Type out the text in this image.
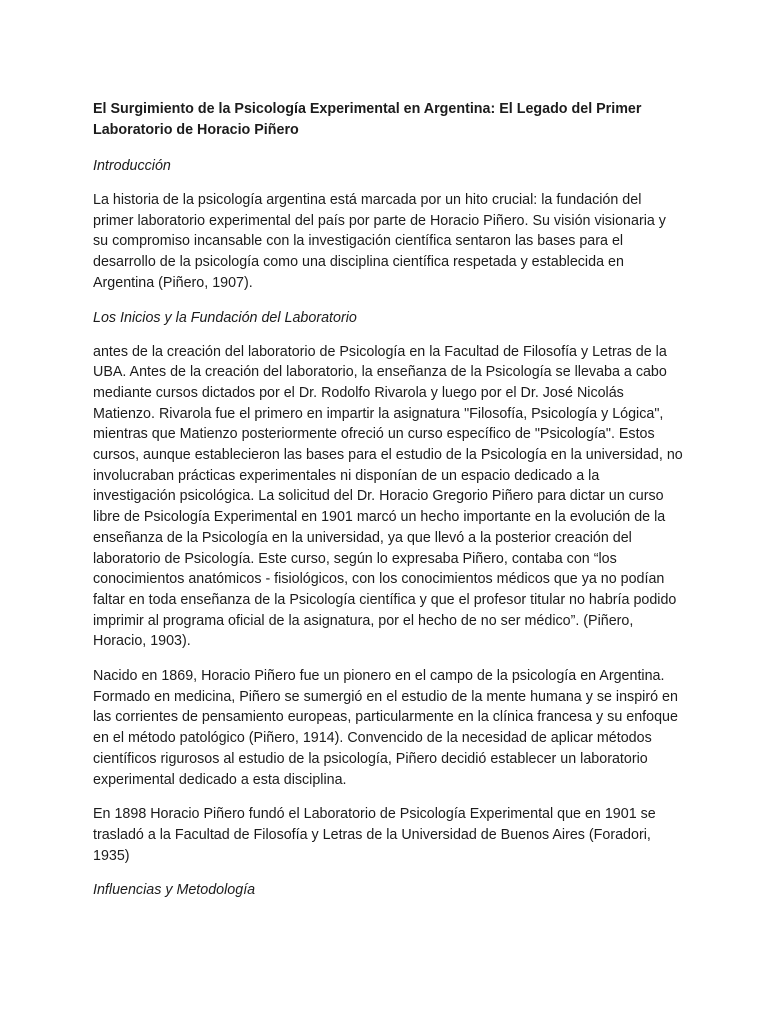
El Surgimiento de la Psicología Experimental en Argentina: El Legado del Primer Laboratorio de Horacio Piñero
Introducción

La historia de la psicología argentina está marcada por un hito crucial: la fundación del primer laboratorio experimental del país por parte de Horacio Piñero. Su visión visionaria y su compromiso incansable con la investigación científica sentaron las bases para el desarrollo de la psicología como una disciplina científica respetada y establecida en Argentina (Piñero, 1907).

Los Inicios y la Fundación del Laboratorio

antes de la creación del laboratorio de Psicología en la Facultad de Filosofía y Letras de la UBA. Antes de la creación del laboratorio, la enseñanza de la Psicología se llevaba a cabo mediante cursos dictados por el Dr. Rodolfo Rivarola y luego por el Dr. José Nicolás Matienzo. Rivarola fue el primero en impartir la asignatura "Filosofía, Psicología y Lógica", mientras que Matienzo posteriormente ofreció un curso específico de "Psicología". Estos cursos, aunque establecieron las bases para el estudio de la Psicología en la universidad, no involucraban prácticas experimentales ni disponían de un espacio dedicado a la investigación psicológica. La solicitud del Dr. Horacio Gregorio Piñero para dictar un curso libre de Psicología Experimental en 1901 marcó un hecho importante en la evolución de la enseñanza de la Psicología en la universidad, ya que llevó a la posterior creación del laboratorio de Psicología. Este curso, según lo expresaba Piñero, contaba con “los conocimientos anatómicos - fisiológicos, con los conocimientos médicos que ya no podían faltar en toda enseñanza de la Psicología científica y que el profesor titular no habría podido imprimir al programa oficial de la asignatura, por el hecho de no ser médico”. (Piñero, Horacio, 1903).

Nacido en 1869, Horacio Piñero fue un pionero en el campo de la psicología en Argentina. Formado en medicina, Piñero se sumergió en el estudio de la mente humana y se inspiró en las corrientes de pensamiento europeas, particularmente en la clínica francesa y su enfoque en el método patológico (Piñero, 1914). Convencido de la necesidad de aplicar métodos científicos rigurosos al estudio de la psicología, Piñero decidió establecer un laboratorio experimental dedicado a esta disciplina.

En 1898 Horacio Piñero fundó el Laboratorio de Psicología Experimental que en 1901 se trasladó a la Facultad de Filosofía y Letras de la Universidad de Buenos Aires (Foradori, 1935)

Influencias y Metodología
